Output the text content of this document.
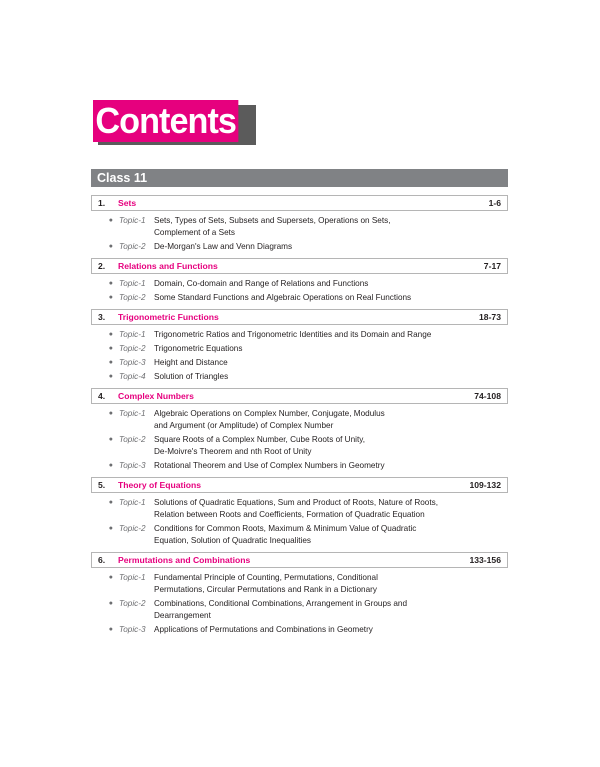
Contents
Class 11
1.	Sets	1-6
● Topic-1	Sets, Types of Sets, Subsets and Supersets, Operations on Sets,
Complement of a Sets
● Topic-2	De-Morgan's Law and Venn Diagrams
2.	Relations and Functions	7-17
● Topic-1	Domain, Co-domain and Range of Relations and Functions
● Topic-2	Some Standard Functions and Algebraic Operations on Real Functions
3.	Trigonometric Functions	18-73
● Topic-1	Trigonometric Ratios and Trigonometric Identities and its Domain and Range
● Topic-2	Trigonometric Equations
● Topic-3	Height and Distance
● Topic-4	Solution of Triangles
4.	Complex Numbers	74-108
● Topic-1	Algebraic Operations on Complex Number, Conjugate, Modulus
and Argument (or Amplitude) of Complex Number
● Topic-2	Square Roots of a Complex Number, Cube Roots of Unity,
De-Moivre's Theorem and nth Root of Unity
● Topic-3	Rotational Theorem and Use of Complex Numbers in Geometry
5.	Theory of Equations	109-132
● Topic-1	Solutions of Quadratic Equations, Sum and Product of Roots, Nature of Roots,
Relation between Roots and Coefficients, Formation of Quadratic Equation
● Topic-2	Conditions for Common Roots, Maximum & Minimum Value of Quadratic
Equation, Solution of Quadratic Inequalities
6.	Permutations and Combinations	133-156
● Topic-1	Fundamental Principle of Counting, Permutations, Conditional
Permutations, Circular Permutations and Rank in a Dictionary
● Topic-2	Combinations, Conditional Combinations, Arrangement in Groups and
Dearrangement
● Topic-3	Applications of Permutations and Combinations in Geometry
